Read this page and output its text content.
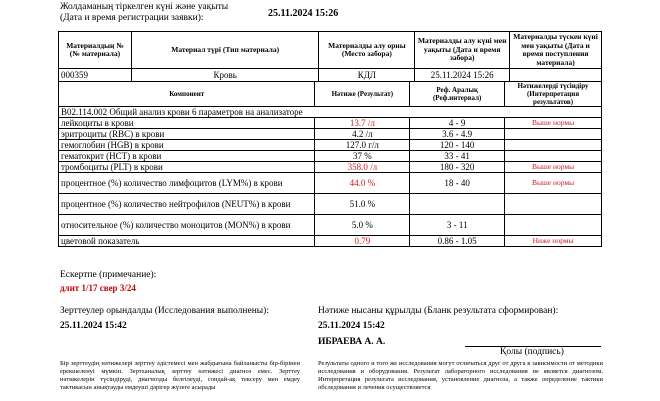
Жолдаманың тіркелген күні және уақыты
(Дата и время регистрации заявки):	25.11.2024 15:26
Материалдың № (№ материала)	Материал түрі (Тип материала)	Материалды алу орны (Место забора)	Материалды алу күні мен уақыты (Дата и время забора)	Материалды түскен күні мен уақыты (Дата и время поступления материала)
000359	Кровь	КДЛ	25.11.2024 15:26	
Компонент	Нәтиже (Результат)	Реф. Аралық (Реф.интервал)	Нәтижелерді түсіндіру (Интерпретация результатов)
B02.114.002 Общий анализ крови 6 параметров на анализаторе			
лейкоциты в крови	13.7 /л	4 - 9	Выше нормы
эритроциты (RBC) в крови	4.2 /л	3.6 - 4.9	
гемоглобин (HGB) в крови	127.0 г/л	120 - 140	
гематокрит (HCT) в крови	37 %	33 - 41	
тромбоциты (PLT) в крови	358.0 /л	180 - 320	Выше нормы
процентное (%) количество лимфоцитов (LYM%) в крови	44.0 %	18 - 40	Выше нормы
процентное (%) количество нейтрофилов (NEUT%) в крови	51.0 %		
относительное (%) количество моноцитов (MON%) в крови	5.0 %	3 - 11	
цветовой показатель	0.79	0.86 - 1.05	Ниже нормы
Ескертпе (примечание):
длит 1/17 свер 3/24
Зерттеулер орындалды (Исследования выполнены):
25.11.2024 15:42
Нәтиже нысаны құрылды (Бланк результата сформирован):
25.11.2024 15:42
ИБРАЕВА А. А.
Қолы (подпись)
Бір зерттеудің нәтижелері зерттеу әдістемесі мен жабдығына байланысты бір-бірінен ерекшеленуі мүмкін. Зертханалық зерттеу нәтижесі диагноз емес. Зерттеу нәтижелерін түсіндіруді, диагнозды белгілеуді, сондай-ақ тексеру мен емдеу тактикасын анықтауды емдеуші дәрігер жүзеге асырады
Результаты одного и того же исследования могут отличаться друг от друга в зависимости от методики исследования и оборудования. Результат лабораторного исследования не является диагнозом. Интерпретация результата исследования, установление диагноза, а также определение тактики обследования и лечения осуществляется
